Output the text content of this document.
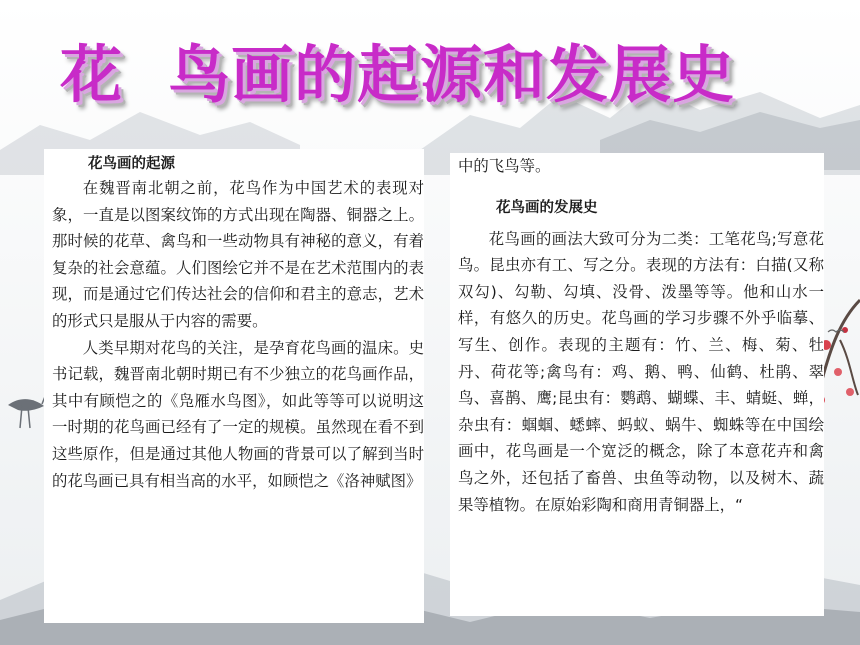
花  鸟画的起源和发展史
花鸟画的起源

在魏晋南北朝之前，花鸟作为中国艺术的表现对象，一直是以图案纹饰的方式出现在陶器、铜器之上。那时候的花草、禽鸟和一些动物具有神秘的意义，有着复杂的社会意蕴。人们图绘它并不是在艺术范围内的表现，而是通过它们传达社会的信仰和君主的意志，艺术的形式只是服从于内容的需要。

人类早期对花鸟的关注，是孕育花鸟画的温床。史书记载，魏晋南北朝时期已有不少独立的花鸟画作品，其中有顾恺之的《凫雁水鸟图》，如此等等可以说明这一时期的花鸟画已经有了一定的规模。虽然现在看不到这些原作，但是通过其他人物画的背景可以了解到当时的花鸟画已具有相当高的水平，如顾恺之《洛神赋图》

中的飞鸟等。

花鸟画的发展史

花鸟画的画法大致可分为二类：工笔花鸟;写意花鸟。昆虫亦有工、写之分。表现的方法有：白描(又称双勾)、勾勒、勾填、没骨、泼墨等等。他和山水一样，有悠久的历史。花鸟画的学习步骤不外乎临摹、写生、创作。表现的主题有：竹、兰、梅、菊、牡丹、荷花等;禽鸟有：鸡、鹅、鸭、仙鹤、杜鹃、翠鸟、喜鹊、鹰;昆虫有：鹦鹉、蝴蝶、丰、蜻蜓、蝉，杂虫有：蝈蝈、蟋蟀、蚂蚁、蜗牛、蜘蛛等在中国绘画中，花鸟画是一个宽泛的概念，除了本意花卉和禽鸟之外，还包括了畜兽、虫鱼等动物，以及树木、蔬果等植物。在原始彩陶和商用青铜器上，“
